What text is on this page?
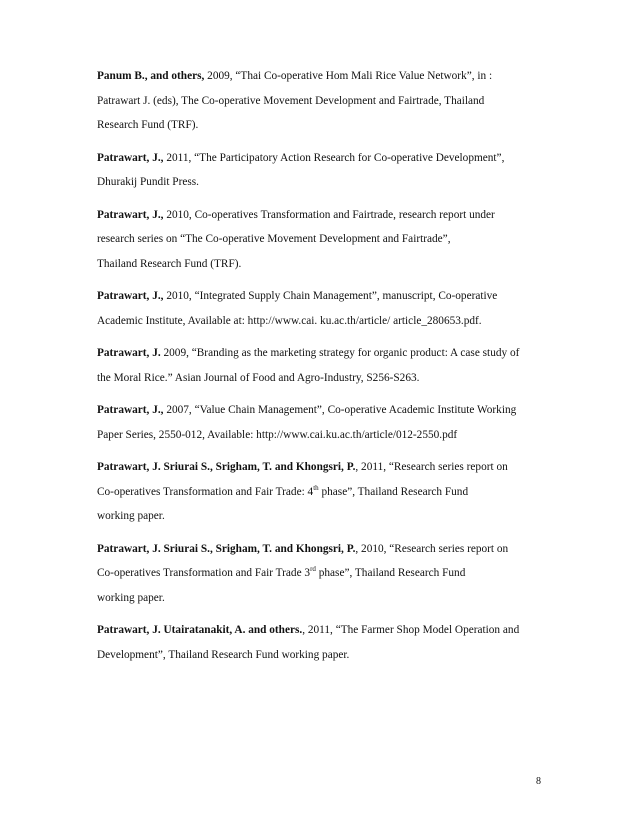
Panum B., and others, 2009, “Thai Co-operative Hom Mali Rice Value Network”, in :
Patrawart J. (eds), The Co-operative Movement Development and Fairtrade, Thailand
Research Fund (TRF).

Patrawart, J., 2011, “The Participatory Action Research for Co-operative Development”,
Dhurakij Pundit Press.

Patrawart, J., 2010, Co-operatives Transformation and Fairtrade, research report under
research series on “The Co-operative Movement Development and Fairtrade”,
Thailand Research Fund (TRF).

Patrawart, J., 2010, “Integrated Supply Chain Management”, manuscript, Co-operative
Academic Institute, Available at: http://www.cai. ku.ac.th/article/ article_280653.pdf.

Patrawart, J. 2009, “Branding as the marketing strategy for organic product: A case study of
the Moral Rice.” Asian Journal of Food and Agro-Industry, S256-S263.

Patrawart, J., 2007, “Value Chain Management”, Co-operative Academic Institute Working
Paper Series, 2550-012, Available: http://www.cai.ku.ac.th/article/012-2550.pdf

Patrawart, J. Sriurai S., Srigham, T. and Khongsri, P., 2011, “Research series report on
Co-operatives Transformation and Fair Trade: 4th phase”, Thailand Research Fund
working paper.

Patrawart, J. Sriurai S., Srigham, T. and Khongsri, P., 2010, “Research series report on
Co-operatives Transformation and Fair Trade 3rd phase”, Thailand Research Fund
working paper.

Patrawart, J. Utairatanakit, A. and others., 2011, “The Farmer Shop Model Operation and
Development”, Thailand Research Fund working paper.

8
